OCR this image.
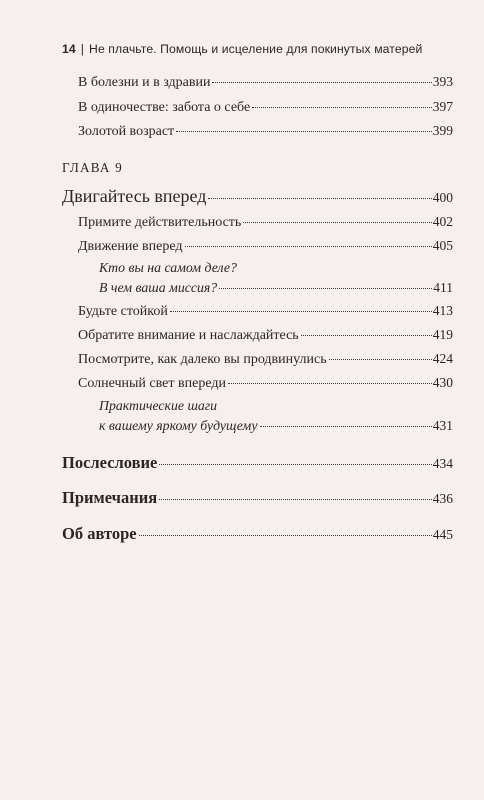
14 | Не плачьте. Помощь и исцеление для покинутых матерей
В болезни и в здравии	393
В одиночестве: забота о себе	397
Золотой возраст	399
ГЛАВА 9
Двигайтесь вперед	400
Примите действительность	402
Движение вперед	405
Кто вы на самом деле?
В чем ваша миссия?	411
Будьте стойкой	413
Обратите внимание и наслаждайтесь	419
Посмотрите, как далеко вы продвинулись	424
Солнечный свет впереди	430
Практические шаги
к вашему яркому будущему	431
Послесловие	434
Примечания	436
Об авторе	445
